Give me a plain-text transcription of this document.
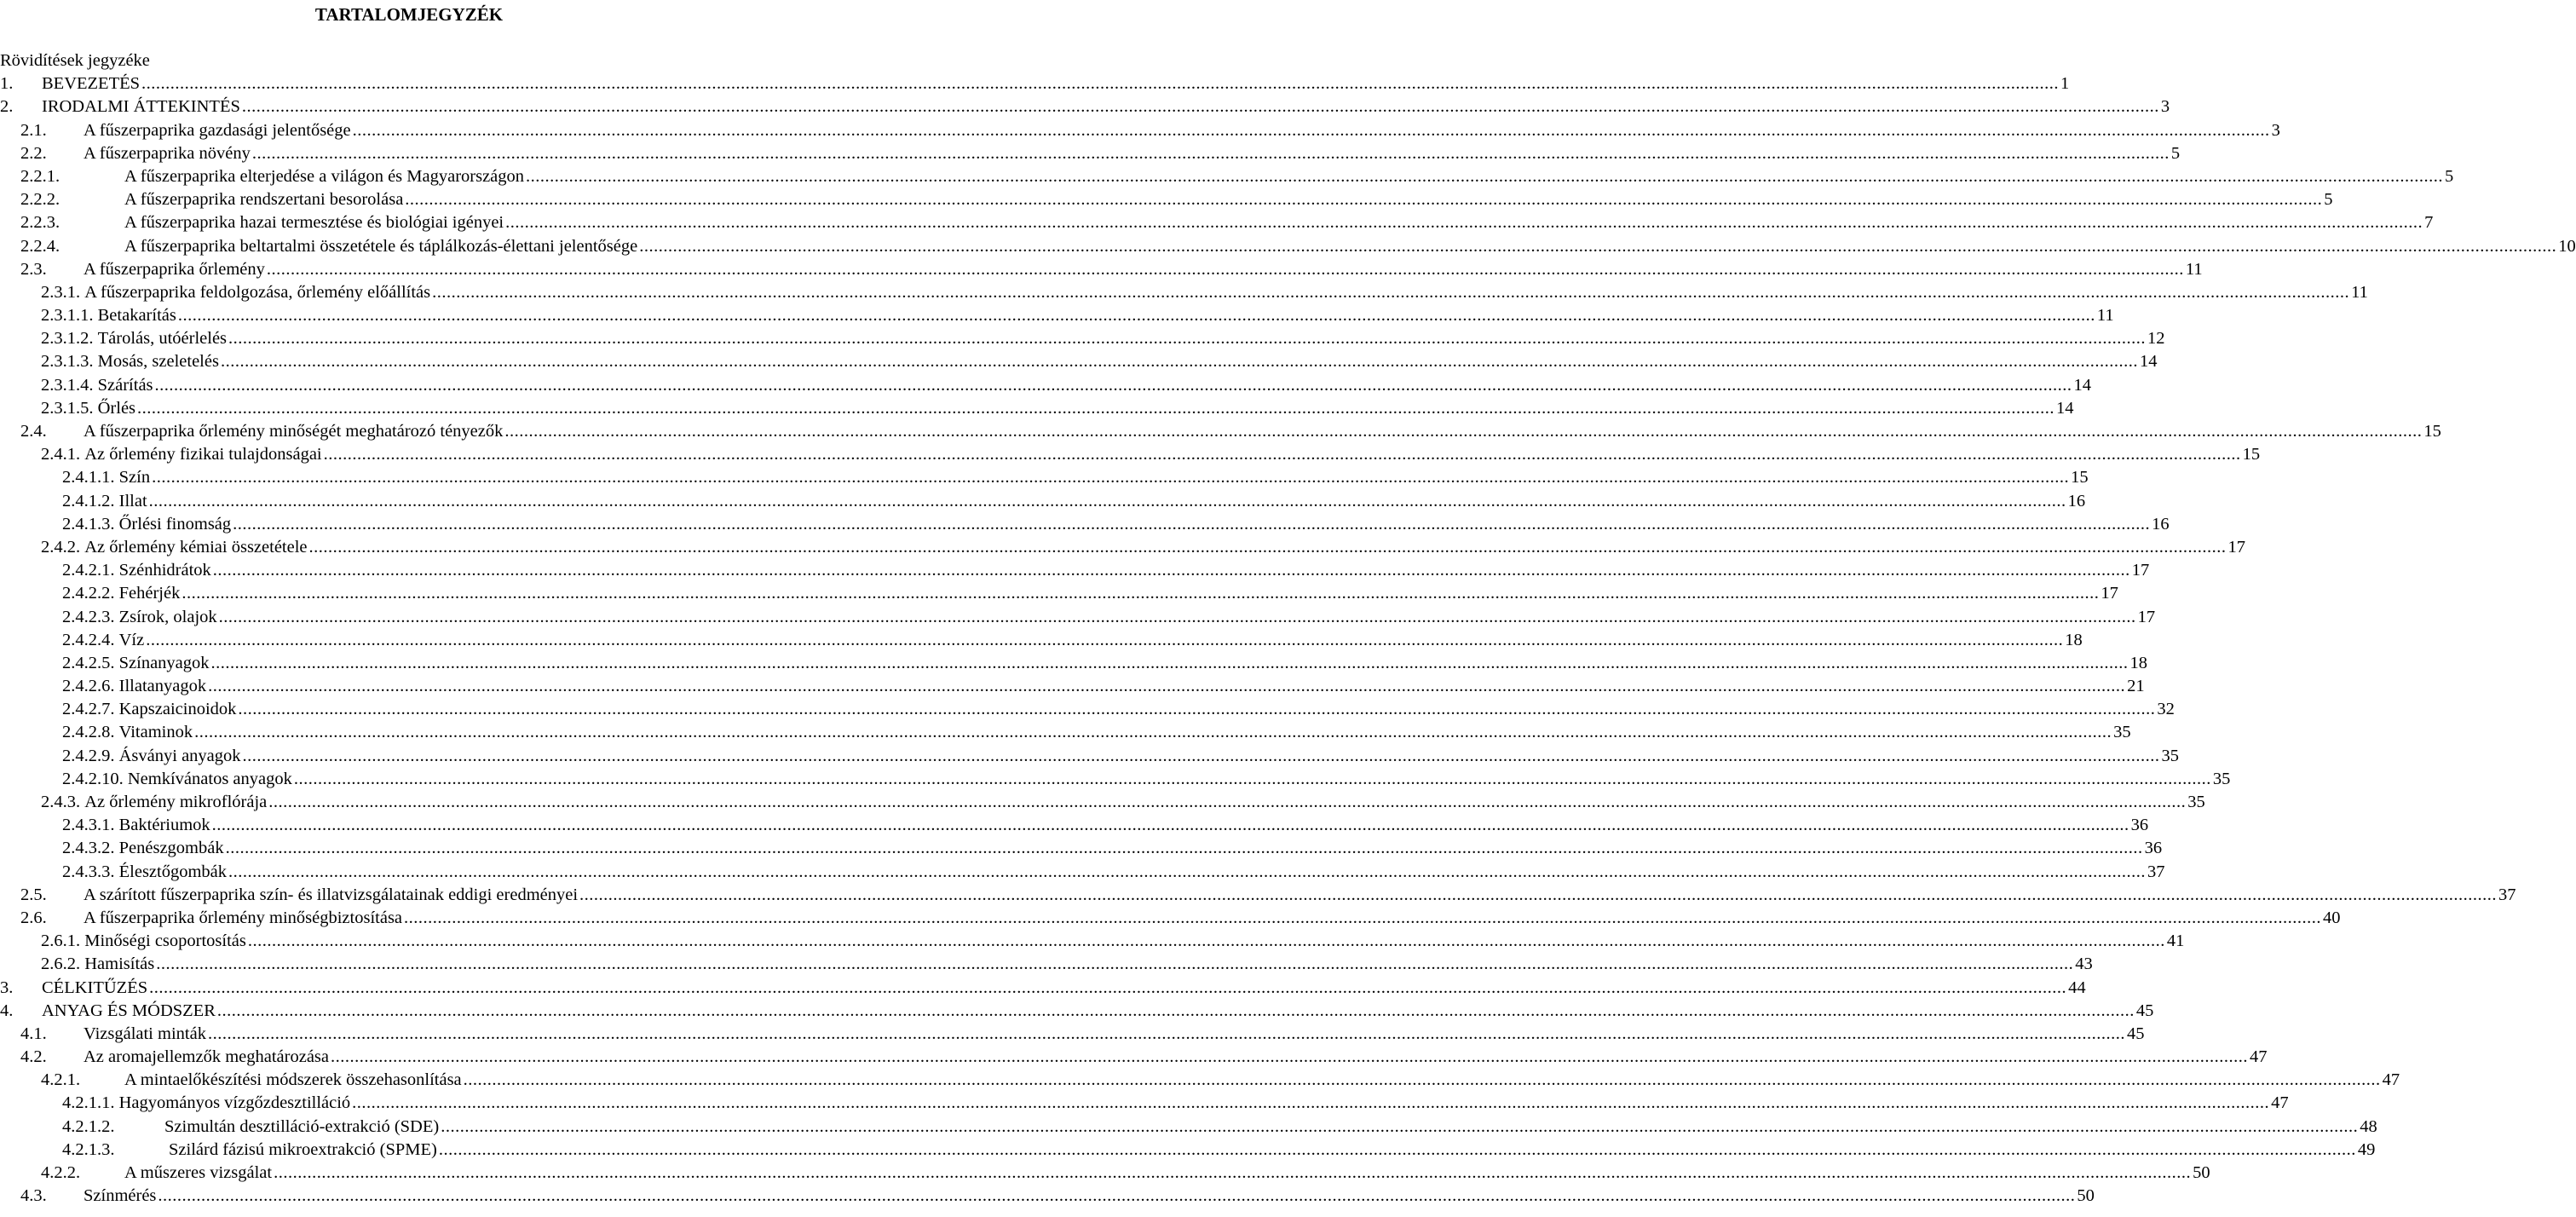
TARTALOMJEGYZÉK
Rövidítések jegyzéke
1. BEVEZETÉS ................................................................................................................................................................................................................................................................................................................................................................................................................ 1
2. IRODALMI ÁTTEKINTÉS ................................................................................................................................................................................................................................................................................................................................................................................................................ 3
2.1. A fűszerpaprika gazdasági jelentősége ................................................................................................................................................................................................................................................................................................................................................................................................................ 3
2.2. A fűszerpaprika növény ................................................................................................................................................................................................................................................................................................................................................................................................................ 5
2.2.1.	A fűszerpaprika elterjedése a világon és Magyarországon ................................................................................................................................................................................................................................................................................................................................................................................................................ 5
2.2.2.	A fűszerpaprika rendszertani besorolása ................................................................................................................................................................................................................................................................................................................................................................................................................ 5
2.2.3.	A fűszerpaprika hazai termesztése és biológiai igényei ................................................................................................................................................................................................................................................................................................................................................................................................................ 7
2.2.4.	A fűszerpaprika beltartalmi összetétele és táplálkozás-élettani jelentősége ................................................................................................................................................................................................................................................................................................................................................................................................................ 10
2.3. A fűszerpaprika őrlemény ................................................................................................................................................................................................................................................................................................................................................................................................................ 11
2.3.1.
A fűszerpaprika feldolgozása, őrlemény előállítás ................................................................................................................................................................................................................................................................................................................................................................................................................ 11
2.3.1.1.
Betakarítás ................................................................................................................................................................................................................................................................................................................................................................................................................ 11
2.3.1.2.
Tárolás, utóérlelés ................................................................................................................................................................................................................................................................................................................................................................................................................ 12
2.3.1.3.
Mosás, szeletelés ................................................................................................................................................................................................................................................................................................................................................................................................................ 14
2.3.1.4.
Szárítás ................................................................................................................................................................................................................................................................................................................................................................................................................ 14
2.3.1.5.
Őrlés ................................................................................................................................................................................................................................................................................................................................................................................................................ 14
2.4. A fűszerpaprika őrlemény minőségét meghatározó tényezők ................................................................................................................................................................................................................................................................................................................................................................................................................ 15
2.4.1.
Az őrlemény fizikai tulajdonságai ................................................................................................................................................................................................................................................................................................................................................................................................................ 15
2.4.1.1.
Szín ................................................................................................................................................................................................................................................................................................................................................................................................................ 15
2.4.1.2.
Illat ................................................................................................................................................................................................................................................................................................................................................................................................................ 16
2.4.1.3.
Őrlési finomság ................................................................................................................................................................................................................................................................................................................................................................................................................ 16
2.4.2.
Az őrlemény kémiai összetétele ................................................................................................................................................................................................................................................................................................................................................................................................................ 17
2.4.2.1.
Szénhidrátok ................................................................................................................................................................................................................................................................................................................................................................................................................ 17
2.4.2.2.
Fehérjék ................................................................................................................................................................................................................................................................................................................................................................................................................ 17
2.4.2.3.
Zsírok, olajok ................................................................................................................................................................................................................................................................................................................................................................................................................ 17
2.4.2.4.
Víz ................................................................................................................................................................................................................................................................................................................................................................................................................ 18
2.4.2.5.
Színanyagok ................................................................................................................................................................................................................................................................................................................................................................................................................ 18
2.4.2.6.
Illatanyagok ................................................................................................................................................................................................................................................................................................................................................................................................................ 21
2.4.2.7.
Kapszaicinoidok ................................................................................................................................................................................................................................................................................................................................................................................................................ 32
2.4.2.8.
Vitaminok ................................................................................................................................................................................................................................................................................................................................................................................................................ 35
2.4.2.9.
Ásványi anyagok ................................................................................................................................................................................................................................................................................................................................................................................................................ 35
2.4.2.10.
Nemkívánatos anyagok ................................................................................................................................................................................................................................................................................................................................................................................................................ 35
2.4.3.
Az őrlemény mikroflórája ................................................................................................................................................................................................................................................................................................................................................................................................................ 35
2.4.3.1.
Baktériumok ................................................................................................................................................................................................................................................................................................................................................................................................................ 36
2.4.3.2.
Penészgombák ................................................................................................................................................................................................................................................................................................................................................................................................................ 36
2.4.3.3.
Élesztőgombák ................................................................................................................................................................................................................................................................................................................................................................................................................ 37
2.5. A szárított fűszerpaprika szín- és illatvizsgálatainak eddigi eredményei ................................................................................................................................................................................................................................................................................................................................................................................................................ 37
2.6. A fűszerpaprika őrlemény minőségbiztosítása ................................................................................................................................................................................................................................................................................................................................................................................................................ 40
2.6.1.
Minőségi csoportosítás ................................................................................................................................................................................................................................................................................................................................................................................................................ 41
2.6.2.
Hamisítás ................................................................................................................................................................................................................................................................................................................................................................................................................ 43
3. CÉLKITŰZÉS ................................................................................................................................................................................................................................................................................................................................................................................................................ 44
4. ANYAG ÉS MÓDSZER ................................................................................................................................................................................................................................................................................................................................................................................................................ 45
4.1. Vizsgálati minták ................................................................................................................................................................................................................................................................................................................................................................................................................ 45
4.2. Az aromajellemzők meghatározása ................................................................................................................................................................................................................................................................................................................................................................................................................ 47
4.2.1.	A mintaelőkészítési módszerek összehasonlítása ................................................................................................................................................................................................................................................................................................................................................................................................................ 47
4.2.1.1.
Hagyományos vízgőzdesztilláció ................................................................................................................................................................................................................................................................................................................................................................................................................ 47
4.2.1.2.	Szimultán desztilláció-extrakció (SDE) ................................................................................................................................................................................................................................................................................................................................................................................................................ 48
4.2.1.3.	Szilárd fázisú mikroextrakció (SPME) ................................................................................................................................................................................................................................................................................................................................................................................................................ 49
4.2.2.	A műszeres vizsgálat ................................................................................................................................................................................................................................................................................................................................................................................................................ 50
4.3. Színmérés ................................................................................................................................................................................................................................................................................................................................................................................................................ 50
